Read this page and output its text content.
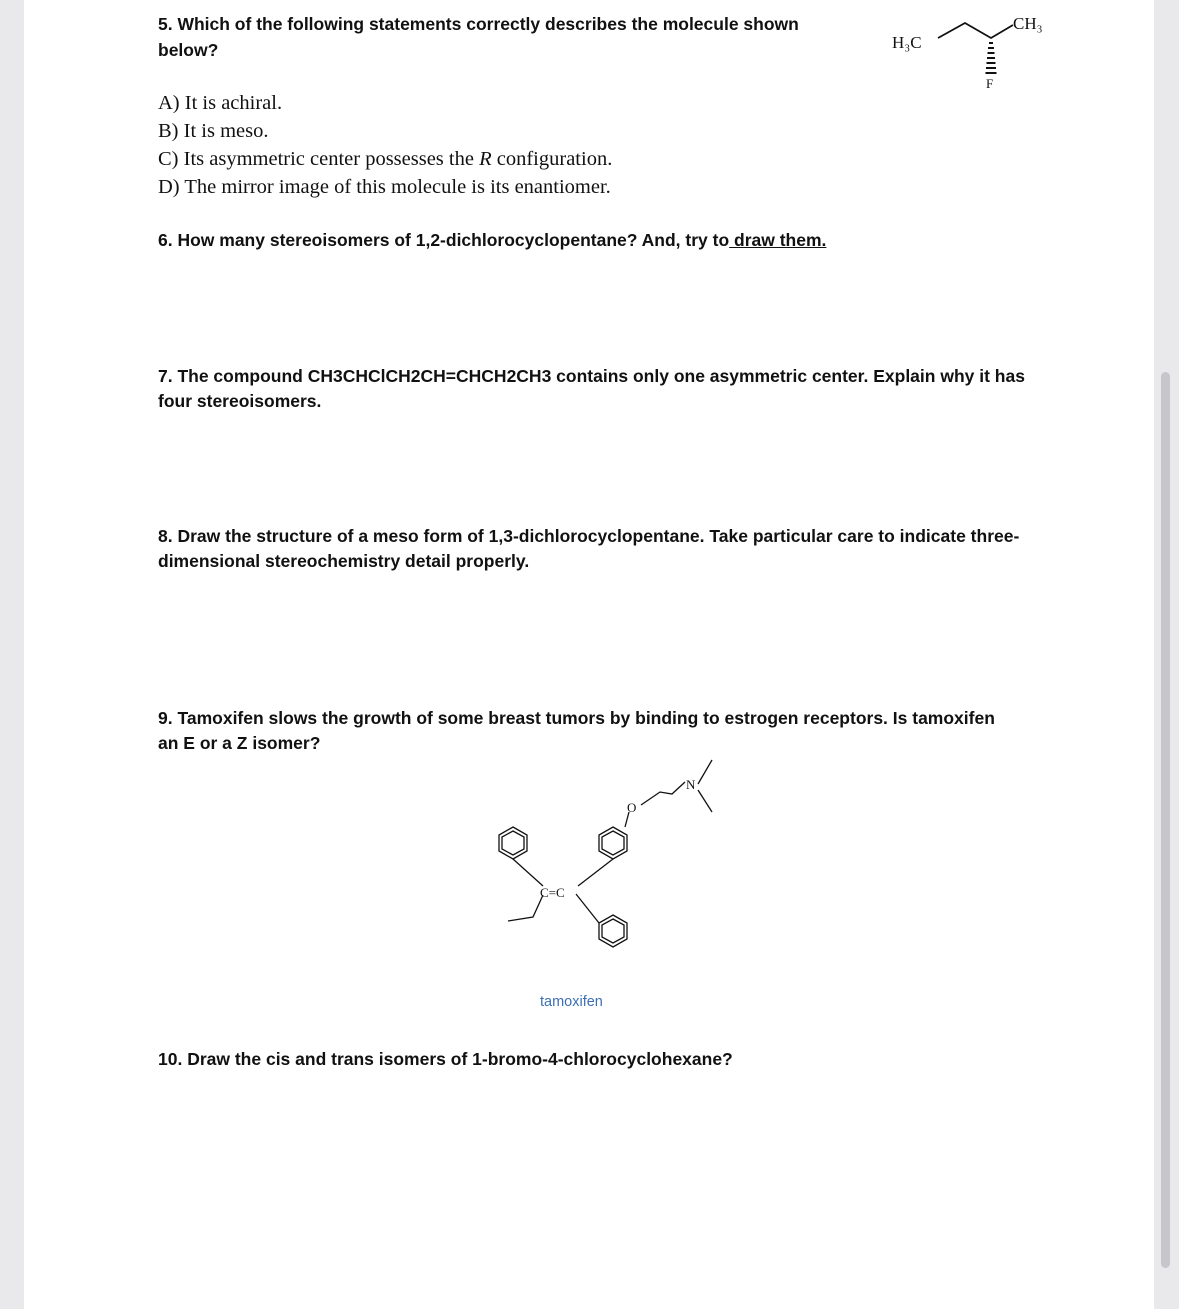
5. Which of the following statements correctly describes the molecule shown

below?

A) It is achiral.
B) It is meso.
C) Its asymmetric center possesses the R configuration.
D) The mirror image of this molecule is its enantiomer.
H₃C
CH₃
F

6. How many stereoisomers of 1,2-dichlorocyclopentane? And, try to draw them.

7. The compound CH3CHClCH2CH=CHCH2CH3 contains only one asymmetric center. Explain why it has

four stereoisomers.

8. Draw the structure of a meso form of 1,3-dichlorocyclopentane. Take particular care to indicate three-

dimensional stereochemistry detail properly.

9. Tamoxifen slows the growth of some breast tumors by binding to estrogen receptors. Is tamoxifen

an E or a Z isomer?

O
N
C=C
tamoxifen

10. Draw the cis and trans isomers of 1-bromo-4-chlorocyclohexane?
